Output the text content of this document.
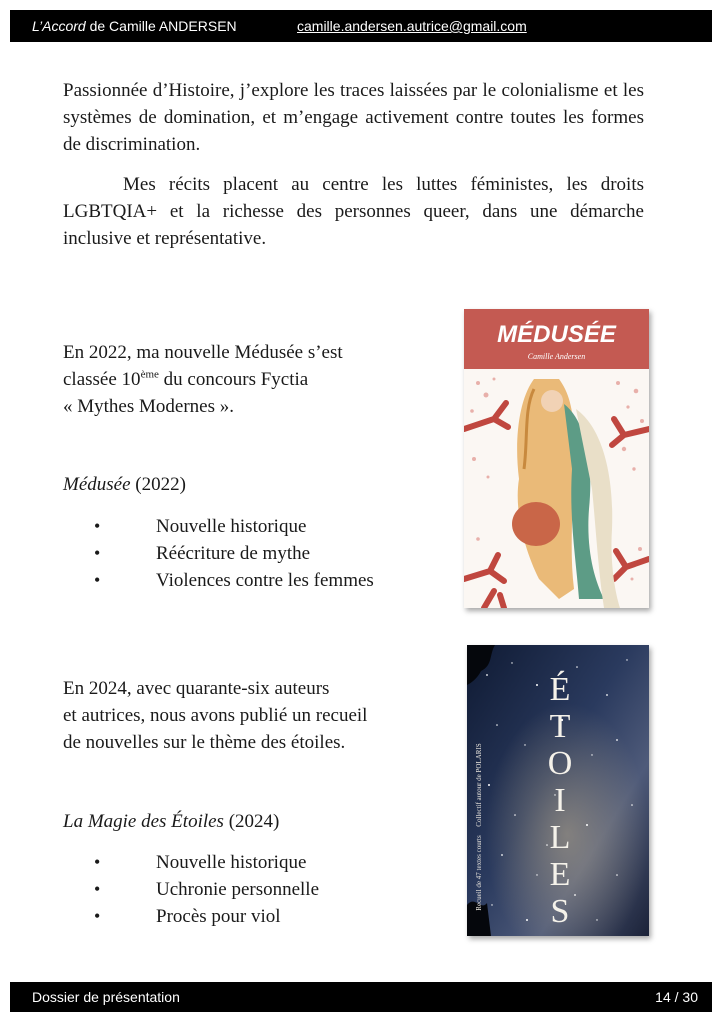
L’Accord de Camille ANDERSEN	camille.andersen.autrice@gmail.com

Passionnée d’Histoire, j’explore les traces laissées par le colonialisme et les systèmes de domination, et m’engage activement contre toutes les formes de discrimination.

Mes récits placent au centre les luttes féministes, les droits LGBTQIA+ et la richesse des personnes queer, dans une démarche inclusive et représentative.

En 2022, ma nouvelle Médusée s’est
classée 10ème du concours Fyctia
« Mythes Modernes ».
Médusée (2022)
• Nouvelle historique
• Réécriture de mythe
• Violences contre les femmes
MÉDUSÉE
Camille Andersen
En 2024, avec quarante-six auteurs
et autrices, nous avons publié un recueil
de nouvelles sur le thème des étoiles.
La Magie des Étoiles (2024)
• Nouvelle historique
• Uchronie personnelle
• Procès pour viol
Collectif autour de POLARIS
Recueil de 47 textes courts
É
T
O
I
L
E
S
Dossier de présentation	14 / 30
